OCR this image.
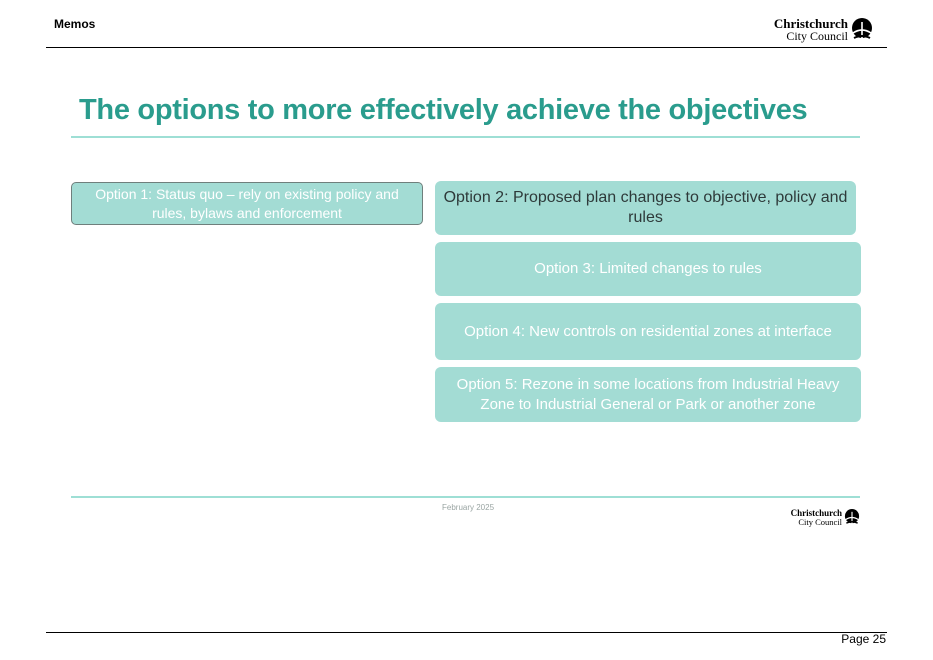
Memos	Christchurch
City Council
The options to more effectively achieve the objectives
Option 1: Status quo – rely on existing policy and rules, bylaws and enforcement
Option 2: Proposed plan changes to objective, policy and rules
Option 3: Limited changes to rules
Option 4: New controls on residential zones at interface
Option 5: Rezone in some locations from Industrial Heavy Zone to Industrial General or Park or another zone
February 2025
Christchurch
City Council
Page 25
